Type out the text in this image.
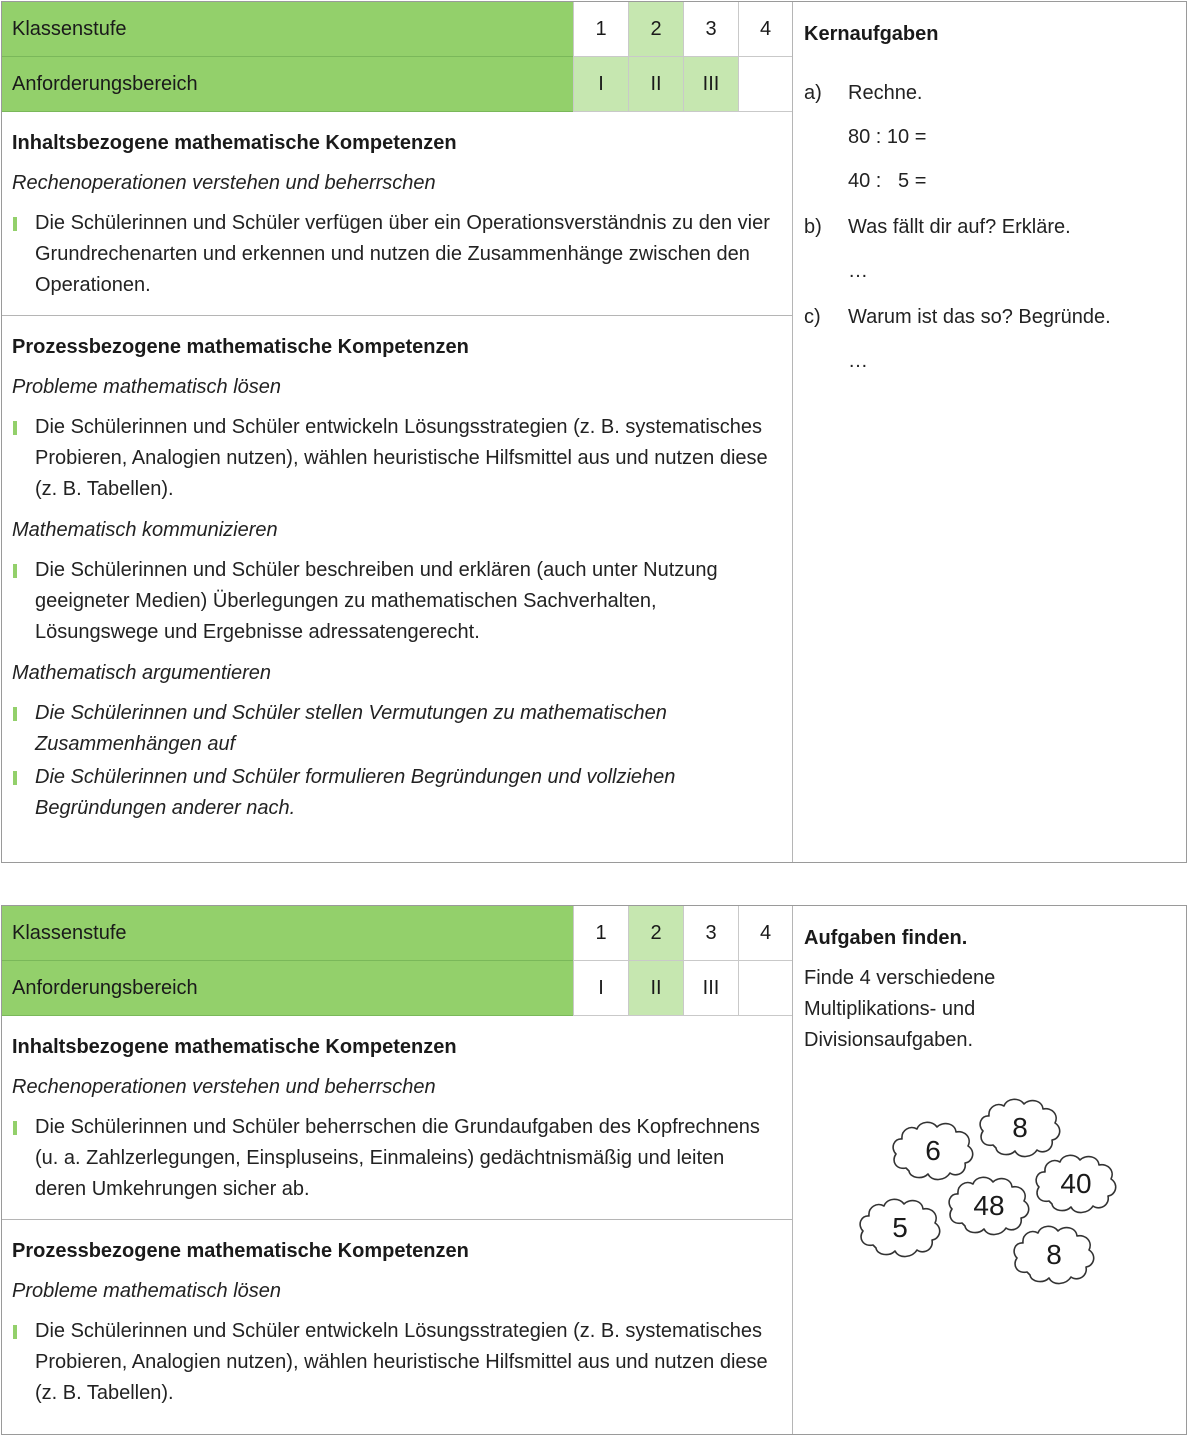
Klassenstufe	1	2	3	4
Anforderungsbereich	I	II	III
Inhaltsbezogene mathematische Kompetenzen
Rechenoperationen verstehen und beherrschen
Die Schülerinnen und Schüler verfügen über ein Operationsverständnis zu den vier Grundrechenarten und erkennen und nutzen die Zusammenhänge zwischen den Operationen.
Prozessbezogene mathematische Kompetenzen
Probleme mathematisch lösen
Die Schülerinnen und Schüler entwickeln Lösungsstrategien (z. B. systematisches Probieren, Analogien nutzen), wählen heuristische Hilfsmittel aus und nutzen diese (z. B. Tabellen).
Mathematisch kommunizieren
Die Schülerinnen und Schüler beschreiben und erklären (auch unter Nutzung geeigneter Medien) Überlegungen zu mathematischen Sachverhalten, Lösungswege und Ergebnisse adressatengerecht.
Mathematisch argumentieren
Die Schülerinnen und Schüler stellen Vermutungen zu mathematischen Zusammenhängen auf
Die Schülerinnen und Schüler formulieren Begründungen und vollziehen Begründungen anderer nach.
Kernaufgaben
a)	Rechne.
80 : 10 =
40 :   5 =
b)	Was fällt dir auf? Erkläre.
…
c)	Warum ist das so? Begründe.
…
Klassenstufe	1	2	3	4
Anforderungsbereich	I	II	III
Inhaltsbezogene mathematische Kompetenzen
Rechenoperationen verstehen und beherrschen
Die Schülerinnen und Schüler beherrschen die Grundaufgaben des Kopfrechnens (u. a. Zahlzerlegungen, Einspluseins, Einmaleins) gedächtnismäßig und leiten deren Umkehrungen sicher ab.
Prozessbezogene mathematische Kompetenzen
Probleme mathematisch lösen
Die Schülerinnen und Schüler entwickeln Lösungsstrategien (z. B. systematisches Probieren, Analogien nutzen), wählen heuristische Hilfsmittel aus und nutzen diese (z. B. Tabellen).
Aufgaben finden.
Finde 4 verschiedene Multiplikations- und Divisionsaufgaben.
6
8
40
48
5
8
